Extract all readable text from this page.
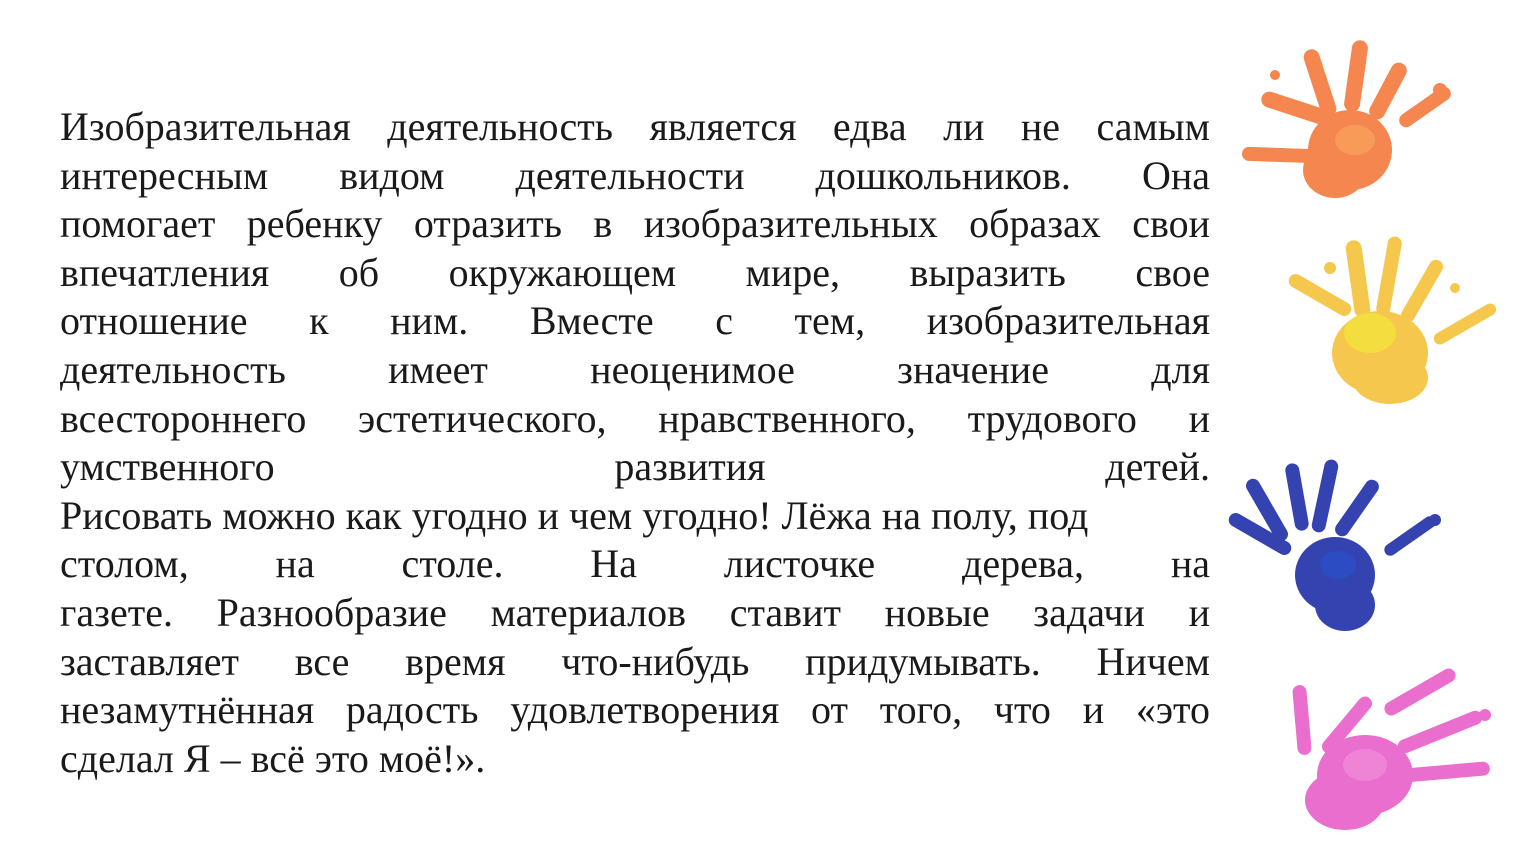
Изобразительная деятельность является едва ли не самым
интересным видом деятельности дошкольников. Она
помогает ребенку отразить в изобразительных образах свои
впечатления об окружающем мире, выразить свое
отношение к ним. Вместе с тем, изобразительная
деятельность имеет неоценимое значение для
всестороннего эстетического, нравственного, трудового и
умственного развития детей.
Рисовать можно как угодно и чем угодно! Лёжа на полу, под
столом, на столе. На листочке дерева, на
газете. Разнообразие материалов ставит новые задачи и
заставляет все время что-нибудь придумывать. Ничем
незамутнённая радость удовлетворения от того, что и «это
сделал Я – всё это моё!».
